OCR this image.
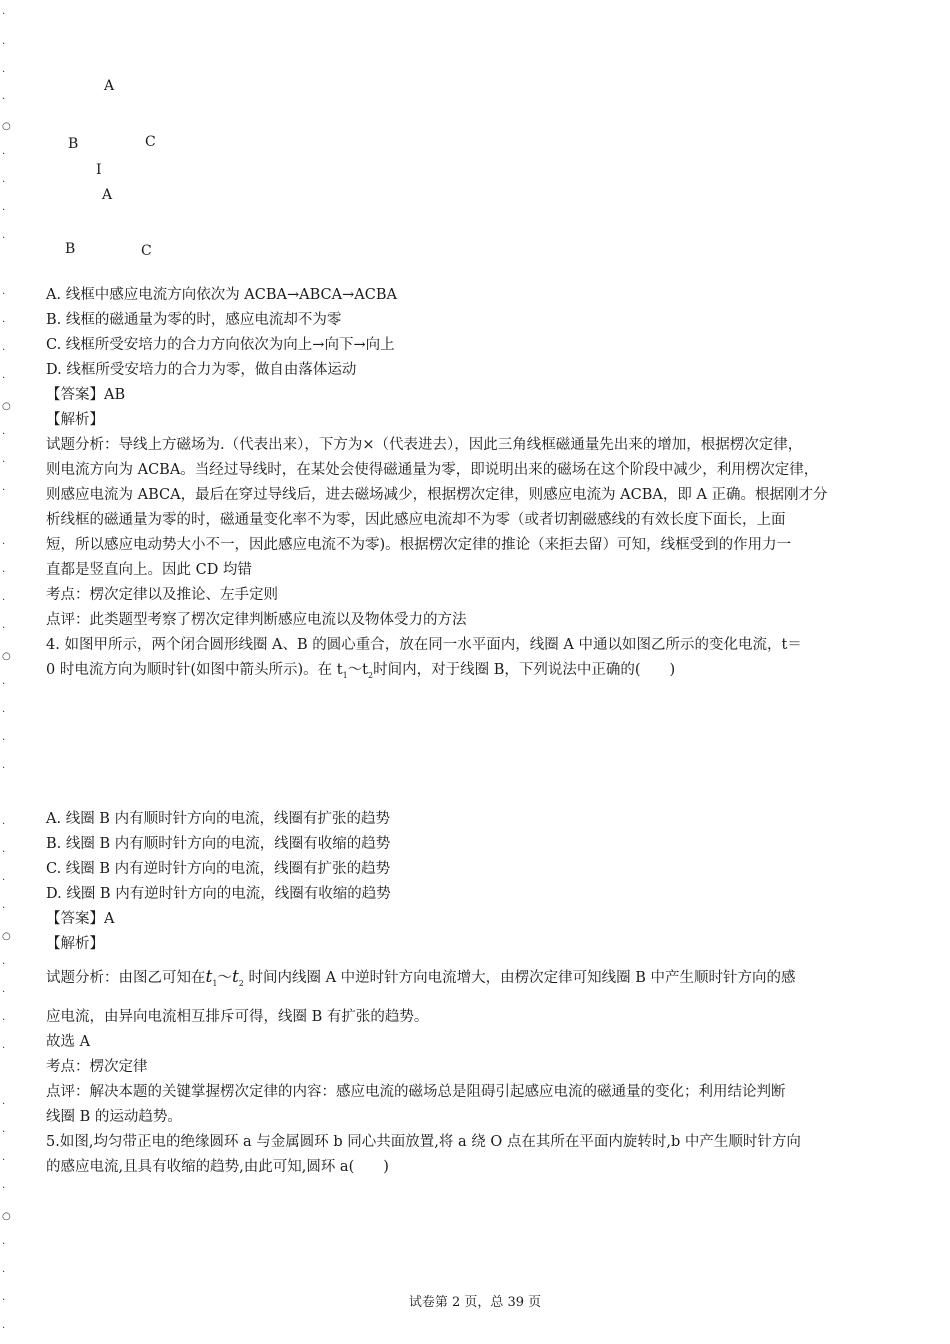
·
·
·
·
○
·
·
·
·
·
·
·
·
○
·
·
·
·
·
·
·
○
·
·
·
·
·
·
·
·
○
·
·
·
·
·
·
·
·
○
·
·
·
·
A
B	C
I
A
B	C
A. 线框中感应电流方向依次为 ACBA→ABCA→ACBA
B. 线框的磁通量为零的时，感应电流却不为零
C. 线框所受安培力的合力方向依次为向上→向下→向上
D. 线框所受安培力的合力为零，做自由落体运动
【答案】AB
【解析】
试题分析：导线上方磁场为.（代表出来），下方为×（代表进去），因此三角线框磁通量先出来的增加，根据楞次定律，
则电流方向为 ACBA。当经过导线时，在某处会使得磁通量为零，即说明出来的磁场在这个阶段中减少，利用楞次定律，
则感应电流为 ABCA，最后在穿过导线后，进去磁场减少，根据楞次定律，则感应电流为 ACBA，即 A 正确。根据刚才分
析线框的磁通量为零的时，磁通量变化率不为零，因此感应电流却不为零（或者切割磁感线的有效长度下面长，上面
短，所以感应电动势大小不一，因此感应电流不为零)。根据楞次定律的推论（来拒去留）可知，线框受到的作用力一
直都是竖直向上。因此 CD 均错
考点：楞次定律以及推论、左手定则
点评：此类题型考察了楞次定律判断感应电流以及物体受力的方法
4. 如图甲所示，两个闭合圆形线圈 A、B 的圆心重合，放在同一水平面内，线圈 A 中通以如图乙所示的变化电流，t＝
0 时电流方向为顺时针(如图中箭头所示)。在 $t_1\sim t_2$时间内，对于线圈 B，下列说法中正确的(　　)
A. 线圈 B 内有顺时针方向的电流，线圈有扩张的趋势
B. 线圈 B 内有顺时针方向的电流，线圈有收缩的趋势
C. 线圈 B 内有逆时针方向的电流，线圈有扩张的趋势
D. 线圈 B 内有逆时针方向的电流，线圈有收缩的趋势
【答案】A
【解析】
试题分析：由图乙可知在$t_1\sim t_2$ 时间内线圈 A 中逆时针方向电流增大，由楞次定律可知线圈 B 中产生顺时针方向的感
应电流，由异向电流相互排斥可得，线圈 B 有扩张的趋势。
故选 A
考点：楞次定律
点评：解决本题的关键掌握楞次定律的内容：感应电流的磁场总是阻碍引起感应电流的磁通量的变化；利用结论判断
线圈 B 的运动趋势。
5.如图,均匀带正电的绝缘圆环 a 与金属圆环 b 同心共面放置,将 a 绕 O 点在其所在平面内旋转时,b 中产生顺时针方向
的感应电流,且具有收缩的趋势,由此可知,圆环 a(　　)
试卷第 2 页，总 39 页
